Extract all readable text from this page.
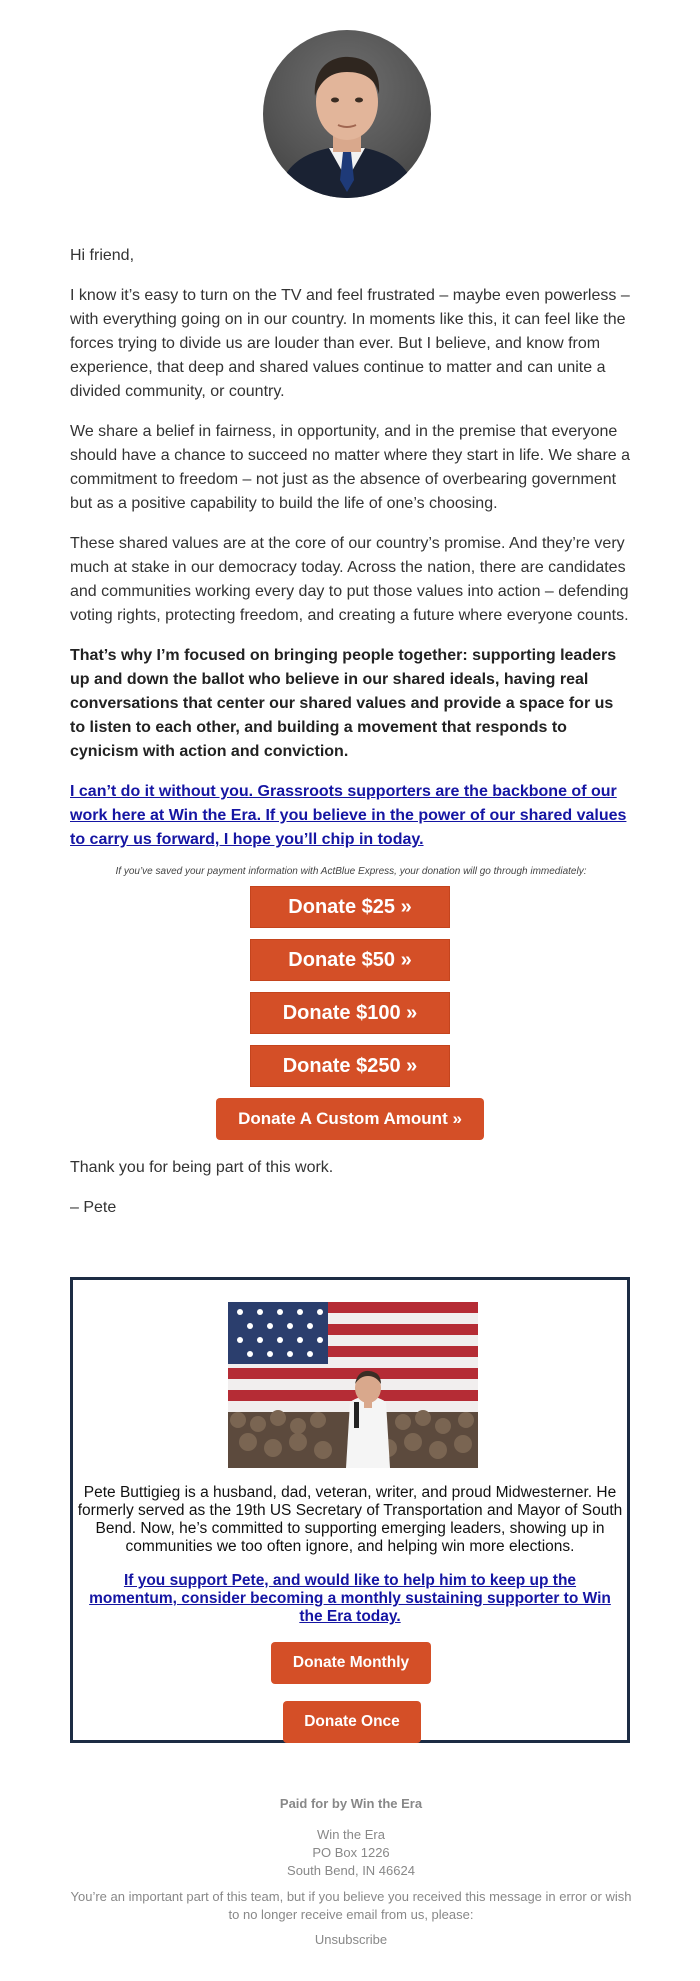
Hi friend,

I know it’s easy to turn on the TV and feel frustrated – maybe even powerless – with everything going on in our country. In moments like this, it can feel like the forces trying to divide us are louder than ever. But I believe, and know from experience, that deep and shared values continue to matter and can unite a divided community, or country.

We share a belief in fairness, in opportunity, and in the premise that everyone should have a chance to succeed no matter where they start in life. We share a commitment to freedom – not just as the absence of overbearing government but as a positive capability to build the life of one’s choosing.

These shared values are at the core of our country’s promise. And they’re very much at stake in our democracy today. Across the nation, there are candidates and communities working every day to put those values into action – defending voting rights, protecting freedom, and creating a future where everyone counts.

That’s why I’m focused on bringing people together: supporting leaders up and down the ballot who believe in our shared ideals, having real conversations that center our shared values and provide a space for us to listen to each other, and building a movement that responds to cynicism with action and conviction.

I can’t do it without you. Grassroots supporters are the backbone of our work here at Win the Era. If you believe in the power of our shared values to carry us forward, I hope you’ll chip in today.

If you’ve saved your payment information with ActBlue Express, your donation will go through immediately:
Donate $25 »
Donate $50 »
Donate $100 »
Donate $250 »
Donate A Custom Amount »

Thank you for being part of this work.

– Pete

Pete Buttigieg is a husband, dad, veteran, writer, and proud Midwesterner. He formerly served as the 19th US Secretary of Transportation and Mayor of South Bend. Now, he’s committed to supporting emerging leaders, showing up in communities we too often ignore, and helping win more elections.
If you support Pete, and would like to help him to keep up the momentum, consider becoming a monthly sustaining supporter to Win the Era today.
Donate Monthly
Donate Once
Paid for by Win the Era
Win the Era
PO Box 1226
South Bend, IN 46624
You’re an important part of this team, but if you believe you received this message in error or wish to no longer receive email from us, please:
Unsubscribe
